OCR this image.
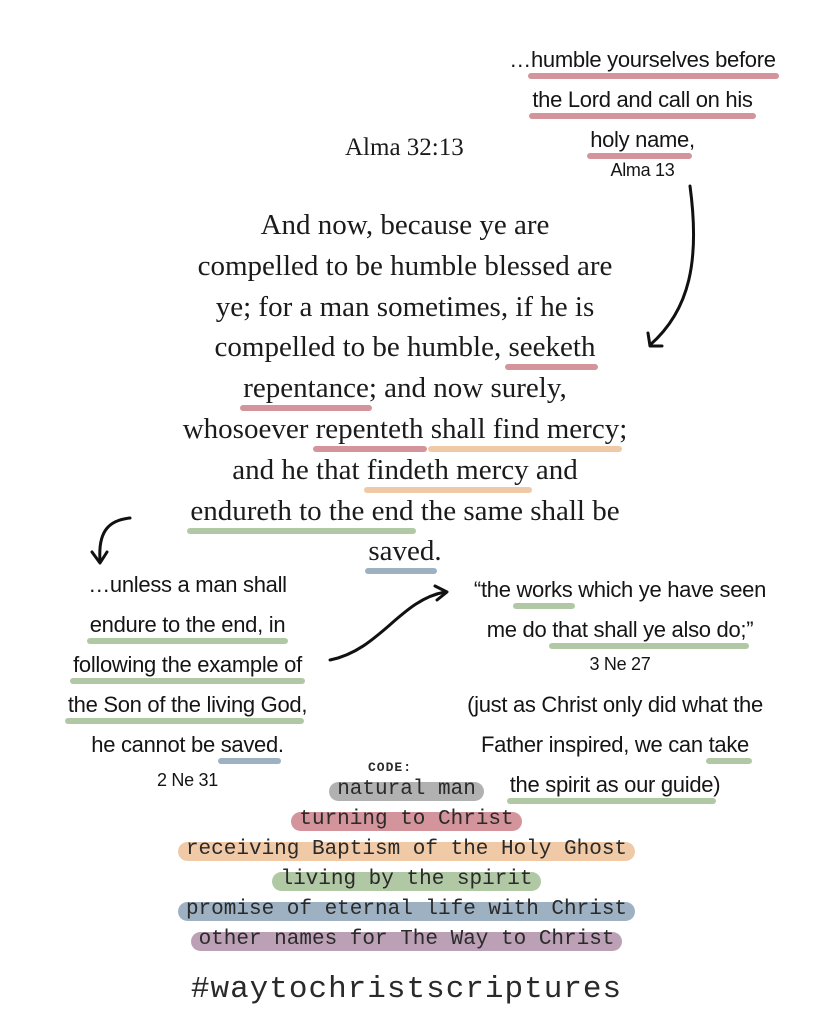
…humble yourselves before
the Lord and call on his
holy name,
Alma 13
Alma 32:13
And now, because ye are
compelled to be humble blessed are
ye; for a man sometimes, if he is
compelled to be humble, seeketh
repentance; and now surely,
whosoever repenteth shall find mercy;
and he that findeth mercy and
endureth to the end the same shall be
saved.
…unless a man shall
endure to the end, in
following the example of
the Son of the living God,
he cannot be saved.
2 Ne 31
“the works which ye have seen
me do that shall ye also do;”
3 Ne 27
(just as Christ only did what the
Father inspired, we can take
the spirit as our guide)
CODE:
natural man
turning to Christ
receiving Baptism of the Holy Ghost
living by the spirit
promise of eternal life with Christ
other names for The Way to Christ
#waytochristscriptures
